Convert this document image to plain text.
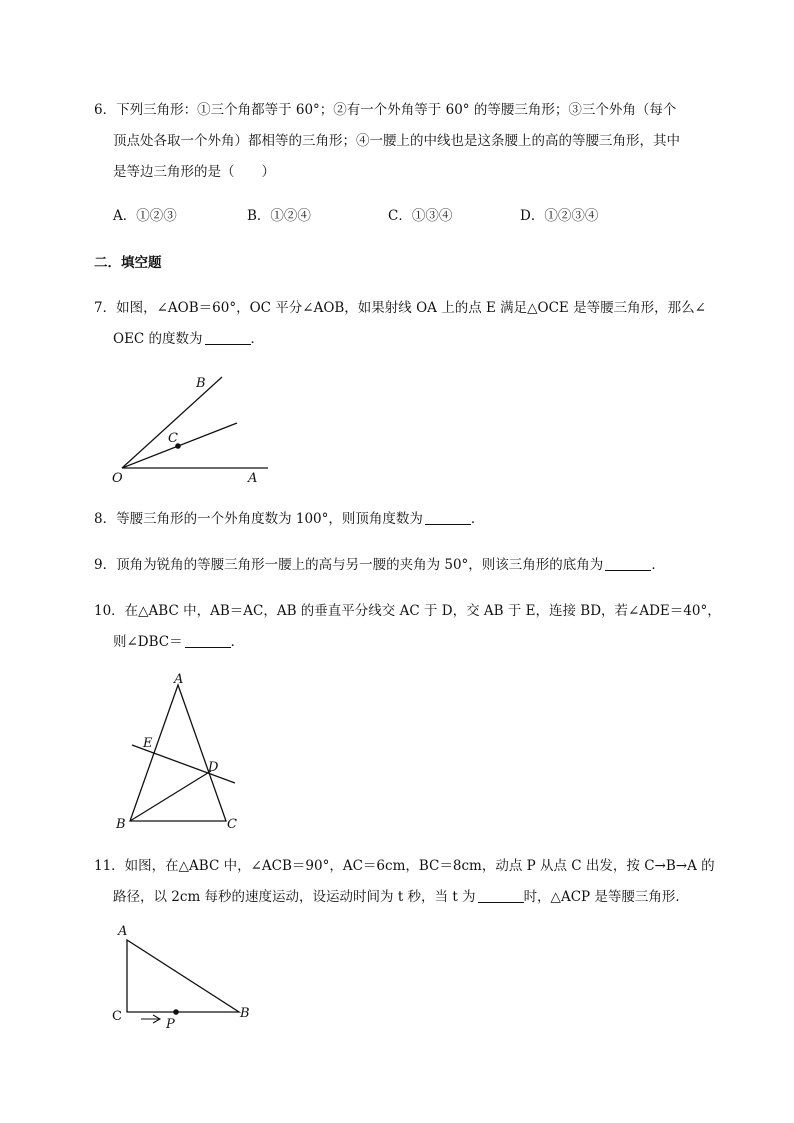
6．下列三角形：①三个角都等于 60°；②有一个外角等于 60° 的等腰三角形；③三个外角（每个
顶点处各取一个外角）都相等的三角形；④一腰上的中线也是这条腰上的高的等腰三角形，其中
是等边三角形的是（　　）
A．①②③	B．①②④	C．①③④	D．①②③④
二．填空题
7．如图，∠AOB＝60°，OC 平分∠AOB，如果射线 OA 上的点 E 满足△OCE 是等腰三角形，那么∠
OEC 的度数为	．
B
C
O	A
8．等腰三角形的一个外角度数为 100°，则顶角度数为	．
9．顶角为锐角的等腰三角形一腰上的高与另一腰的夹角为 50°，则该三角形的底角为	．
10．在△ABC 中，AB＝AC，AB 的垂直平分线交 AC 于 D，交 AB 于 E，连接 BD，若∠ADE＝40°，
则∠DBC＝	．
A
E
D
B	C
11．如图，在△ABC 中，∠ACB＝90°，AC＝6cm，BC＝8cm，动点 P 从点 C 出发，按 C→B→A 的
路径，以 2cm 每秒的速度运动，设运动时间为 t 秒，当 t 为	时，△ACP 是等腰三角形．
A
C	B
P
